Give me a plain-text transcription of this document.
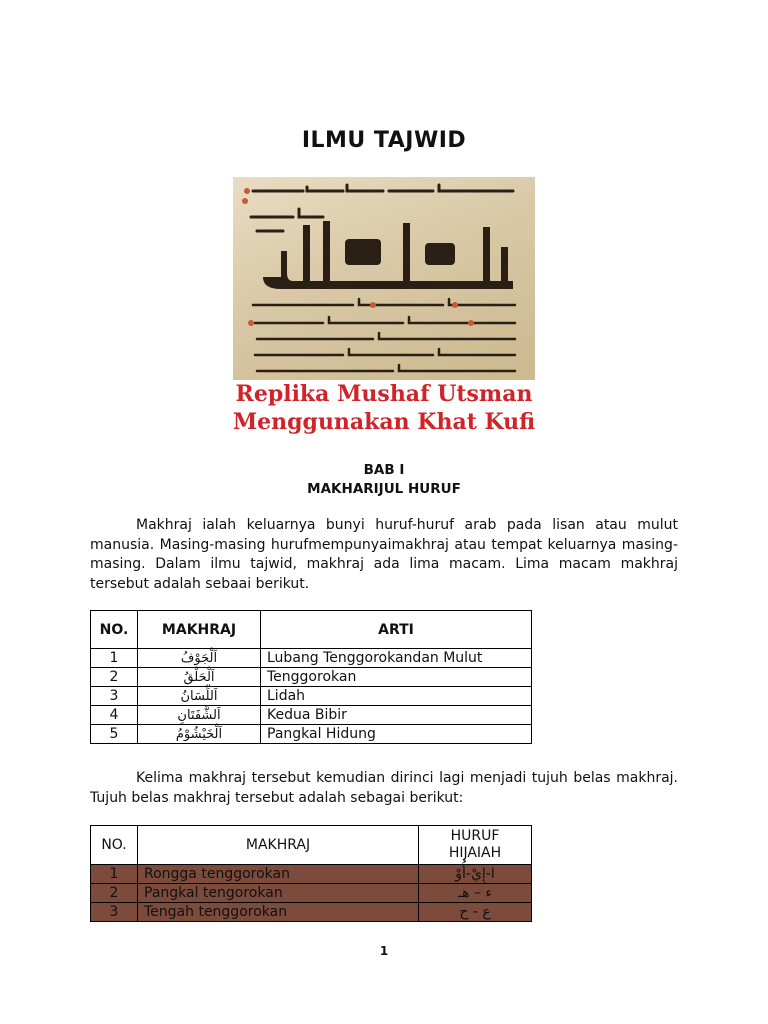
ILMU TAJWID
Replika Mushaf Utsman
Menggunakan Khat Kufi
BAB I
MAKHARIJUL HURUF

Makhraj ialah keluarnya bunyi huruf-huruf arab pada lisan atau mulut manusia. Masing-masing hurufmempunyaimakhraj atau tempat keluarnya masing-masing. Dalam ilmu tajwid, makhraj ada lima macam. Lima macam makhraj tersebut adalah sebaai berikut.

NO.	MAKHRAJ	ARTI
1	اَلْجَوْفُ	Lubang Tenggorokandan Mulut
2	اَلْحَلْقُ	Tenggorokan
3	اَللِّسَانُ	Lidah
4	اَلشَّفَتَانِ	Kedua Bibir
5	اَلْخَيْشُوْمُ	Pangkal Hidung

Kelima makhraj tersebut kemudian dirinci lagi menjadi tujuh belas makhraj. Tujuh belas makhraj tersebut adalah sebagai berikut:

NO.	MAKHRAJ	HURUF HIJAIAH
1	Rongga tenggorokan	ا-إِيْ-أُوْ
2	Pangkal tengorokan	ء – هـ
3	Tengah tenggorokan	ع - ح
1
